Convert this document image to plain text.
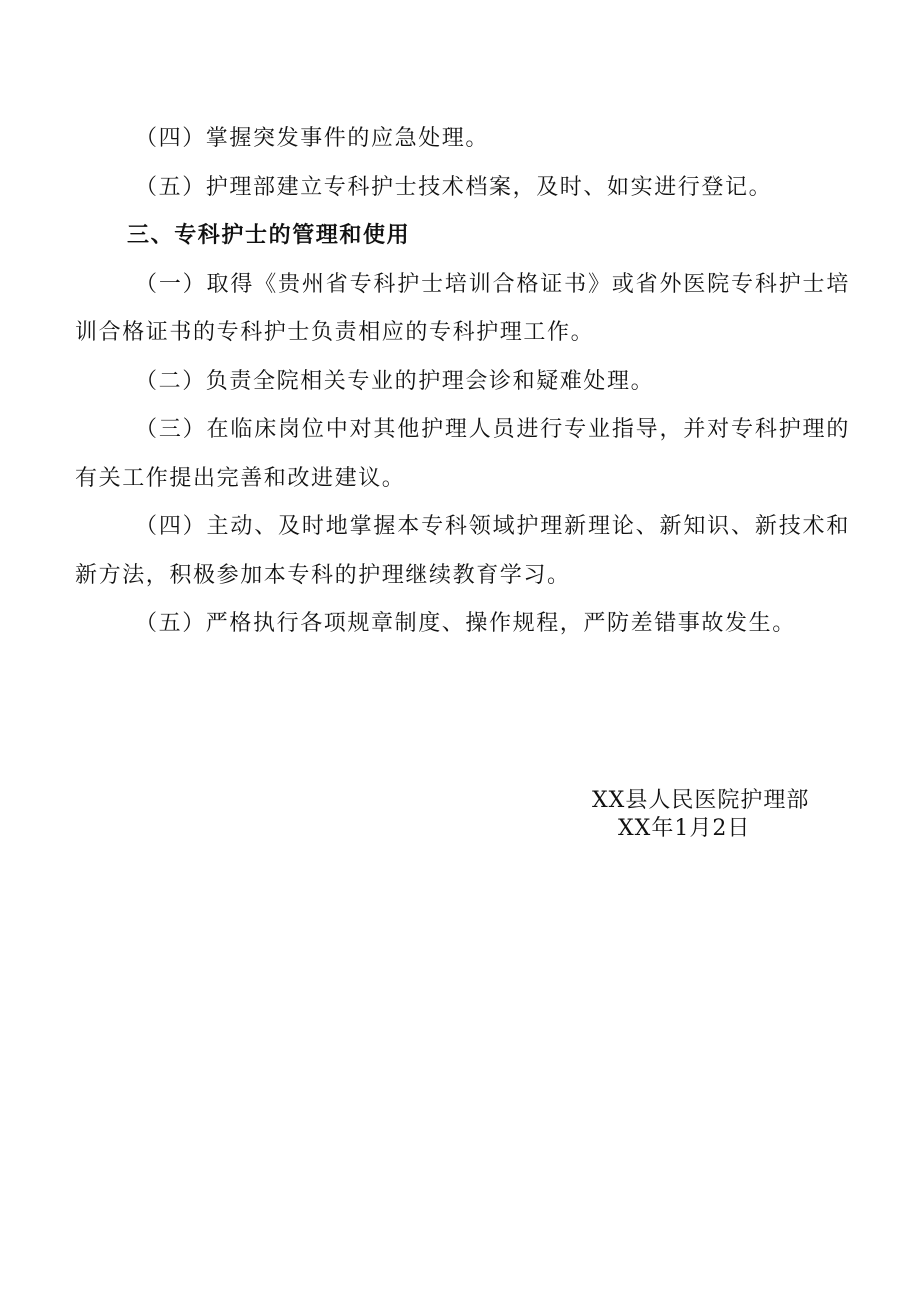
（四）掌握突发事件的应急处理。

（五）护理部建立专科护士技术档案，及时、如实进行登记。

三、专科护士的管理和使用

（一）取得《贵州省专科护士培训合格证书》或省外医院专科护士培训合格证书的专科护士负责相应的专科护理工作。

（二）负责全院相关专业的护理会诊和疑难处理。

（三）在临床岗位中对其他护理人员进行专业指导，并对专科护理的有关工作提出完善和改进建议。

（四）主动、及时地掌握本专科领域护理新理论、新知识、新技术和新方法，积极参加本专科的护理继续教育学习。

（五）严格执行各项规章制度、操作规程，严防差错事故发生。

XX县人民医院护理部
XX年1月2日
